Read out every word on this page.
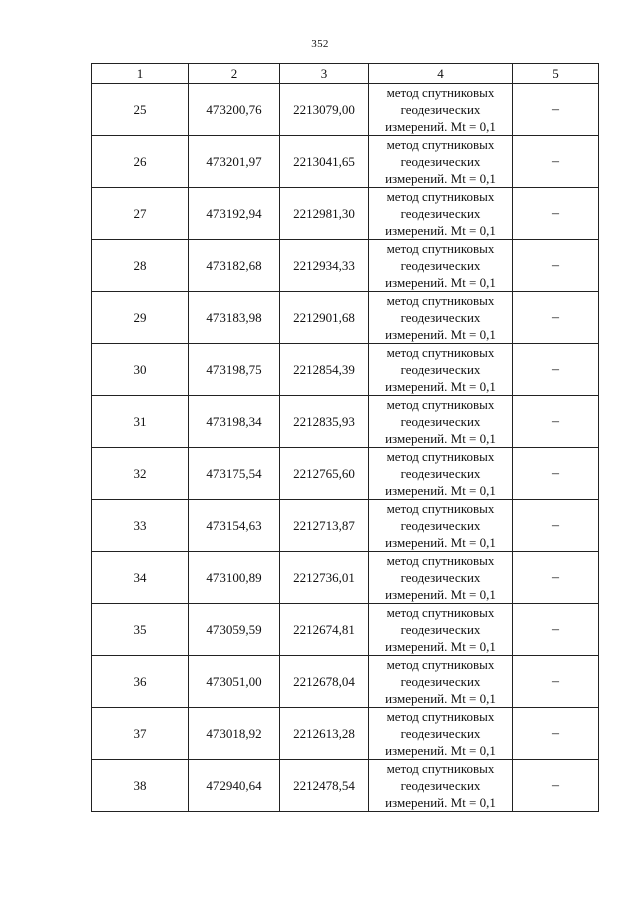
352
1	2	3	4	5
25	473200,76	2213079,00	метод спутниковых
геодезических
измерений. Mt = 0,1	–
26	473201,97	2213041,65	метод спутниковых
геодезических
измерений. Mt = 0,1	–
27	473192,94	2212981,30	метод спутниковых
геодезических
измерений. Mt = 0,1	–
28	473182,68	2212934,33	метод спутниковых
геодезических
измерений. Mt = 0,1	–
29	473183,98	2212901,68	метод спутниковых
геодезических
измерений. Mt = 0,1	–
30	473198,75	2212854,39	метод спутниковых
геодезических
измерений. Mt = 0,1	–
31	473198,34	2212835,93	метод спутниковых
геодезических
измерений. Mt = 0,1	–
32	473175,54	2212765,60	метод спутниковых
геодезических
измерений. Mt = 0,1	–
33	473154,63	2212713,87	метод спутниковых
геодезических
измерений. Mt = 0,1	–
34	473100,89	2212736,01	метод спутниковых
геодезических
измерений. Mt = 0,1	–
35	473059,59	2212674,81	метод спутниковых
геодезических
измерений. Mt = 0,1	–
36	473051,00	2212678,04	метод спутниковых
геодезических
измерений. Mt = 0,1	–
37	473018,92	2212613,28	метод спутниковых
геодезических
измерений. Mt = 0,1	–
38	472940,64	2212478,54	метод спутниковых
геодезических
измерений. Mt = 0,1	–
